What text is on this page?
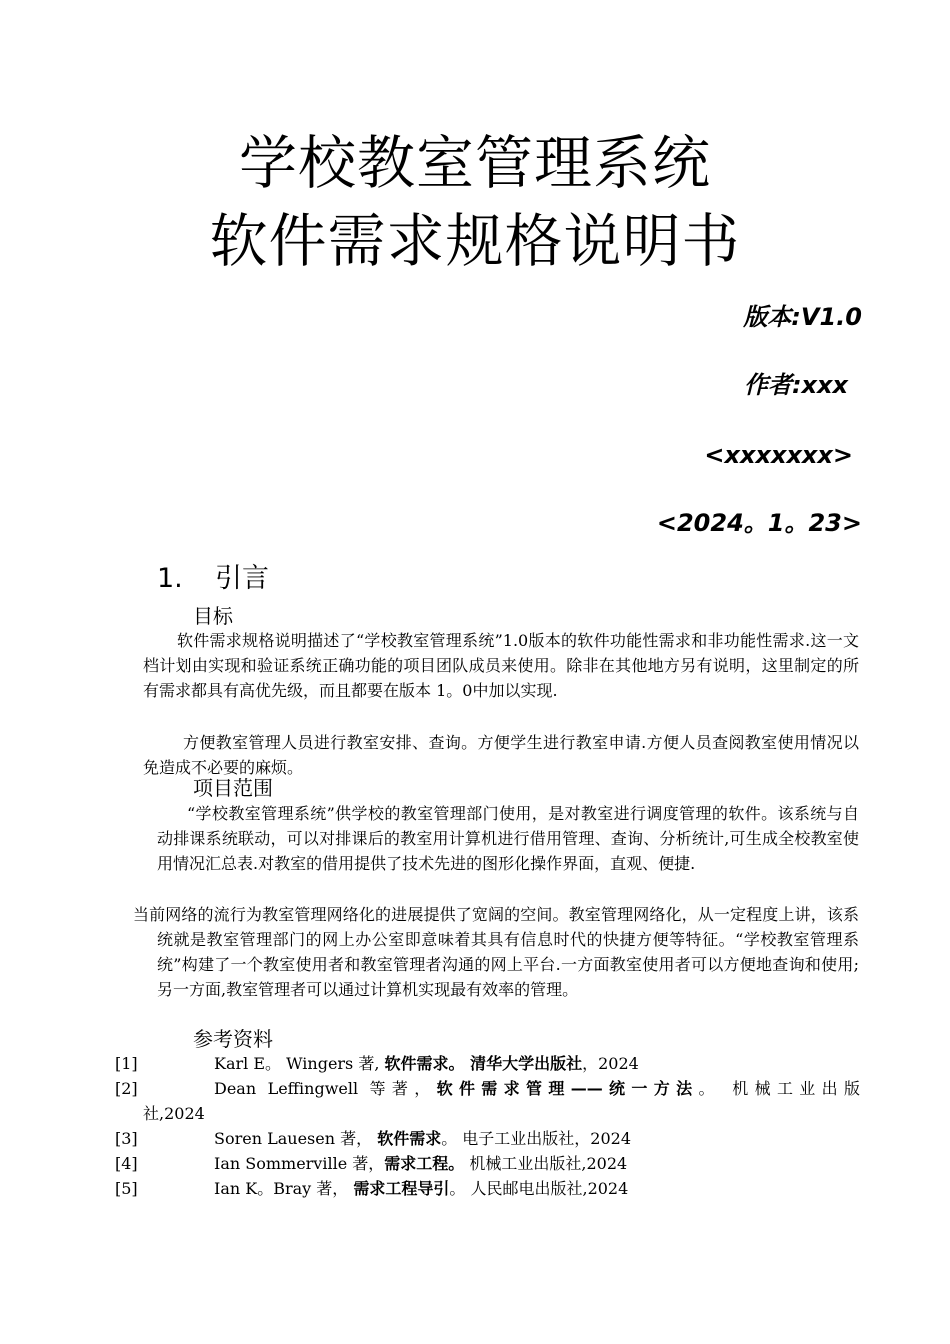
学校教室管理系统
软件需求规格说明书
版本:V1.0
作者:xxx
<xxxxxxx>
<2024。1。23>
1. 引言
目标
软件需求规格说明描述了“学校教室管理系统”1.0版本的软件功能性需求和非功能性需求.这一文档计划由实现和验证系统正确功能的项目团队成员来使用。除非在其他地方另有说明，这里制定的所有需求都具有高优先级，而且都要在版本 1。0中加以实现.
方便教室管理人员进行教室安排、查询。方便学生进行教室申请.方便人员查阅教室使用情况以免造成不必要的麻烦。
项目范围
“学校教室管理系统”供学校的教室管理部门使用，是对教室进行调度管理的软件。该系统与自动排课系统联动，可以对排课后的教室用计算机进行借用管理、查询、分析统计,可生成全校教室使用情况汇总表.对教室的借用提供了技术先进的图形化操作界面，直观、便捷.
当前网络的流行为教室管理网络化的进展提供了宽阔的空间。教室管理网络化，从一定程度上讲，该系统就是教室管理部门的网上办公室即意味着其具有信息时代的快捷方便等特征。“学校教室管理系统”构建了一个教室使用者和教室管理者沟通的网上平台.一方面教室使用者可以方便地查询和使用;另一方面,教室管理者可以通过计算机实现最有效率的管理。
参考资料
[1]	Karl E。 Wingers 著, 软件需求。 清华大学出版社，2024
[2]	Dean Leffingwell 等著，软件需求管理——统一方法。 机械工业出版
社,2024
[3]	Soren Lauesen 著， 软件需求。 电子工业出版社，2024
[4]	Ian Sommerville 著，需求工程。 机械工业出版社,2024
[5]	Ian K。Bray 著， 需求工程导引。 人民邮电出版社,2024
